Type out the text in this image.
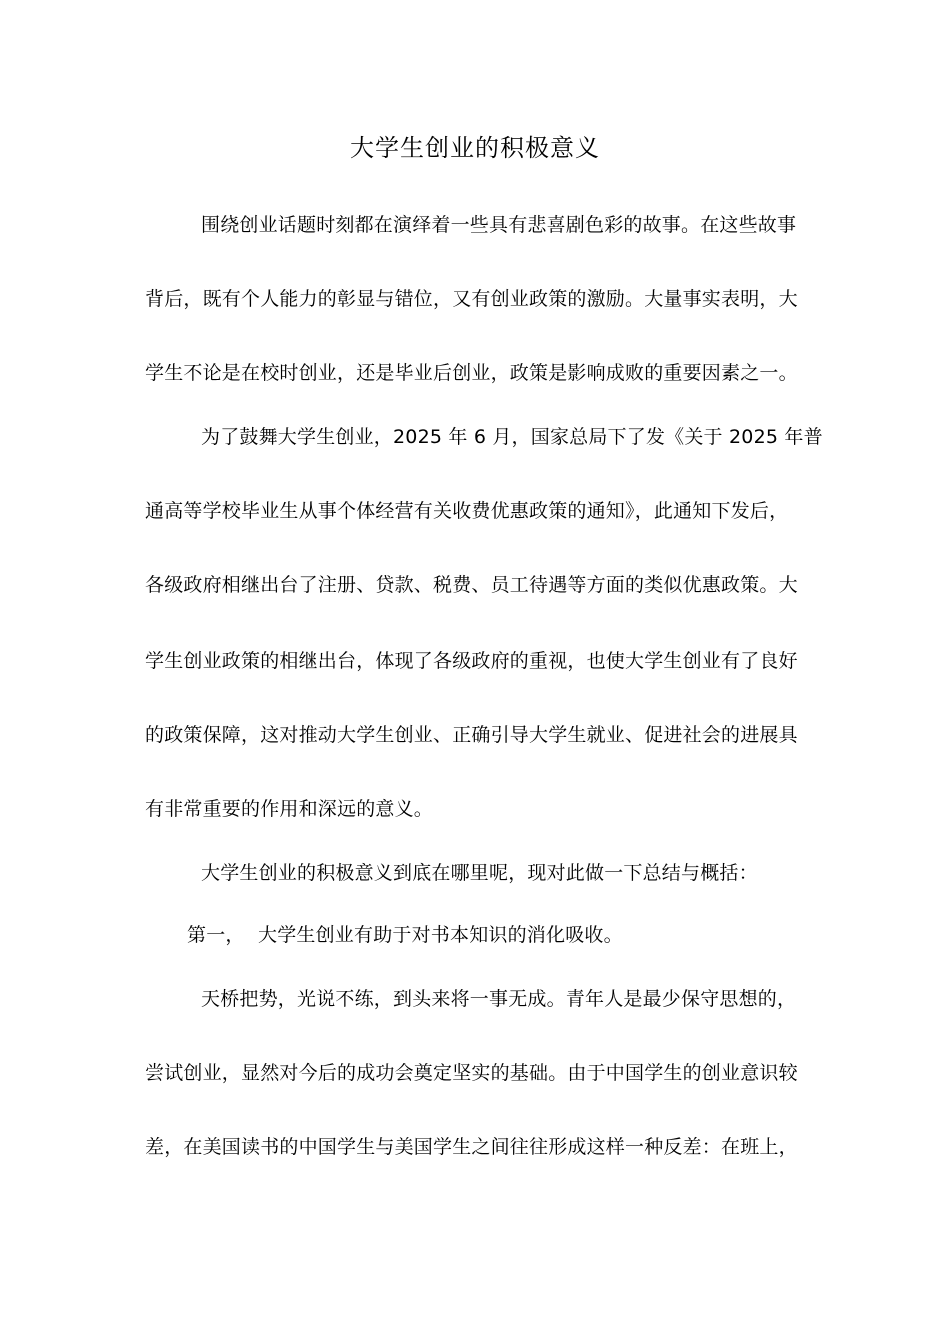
大学生创业的积极意义
围绕创业话题时刻都在演绎着一些具有悲喜剧色彩的故事。在这些故事
背后，既有个人能力的彰显与错位，又有创业政策的激励。大量事实表明，大
学生不论是在校时创业，还是毕业后创业，政策是影响成败的重要因素之一。
为了鼓舞大学生创业，2025 年 6 月，国家总局下了发《关于 2025 年普
通高等学校毕业生从事个体经营有关收费优惠政策的通知》，此通知下发后，
各级政府相继出台了注册、贷款、税费、员工待遇等方面的类似优惠政策。大
学生创业政策的相继出台，体现了各级政府的重视，也使大学生创业有了良好
的政策保障，这对推动大学生创业、正确引导大学生就业、促进社会的进展具
有非常重要的作用和深远的意义。
大学生创业的积极意义到底在哪里呢，现对此做一下总结与概括：
第一， 大学生创业有助于对书本知识的消化吸收。
天桥把势，光说不练，到头来将一事无成。青年人是最少保守思想的，
尝试创业，显然对今后的成功会奠定坚实的基础。由于中国学生的创业意识较
差，在美国读书的中国学生与美国学生之间往往形成这样一种反差：在班上，
